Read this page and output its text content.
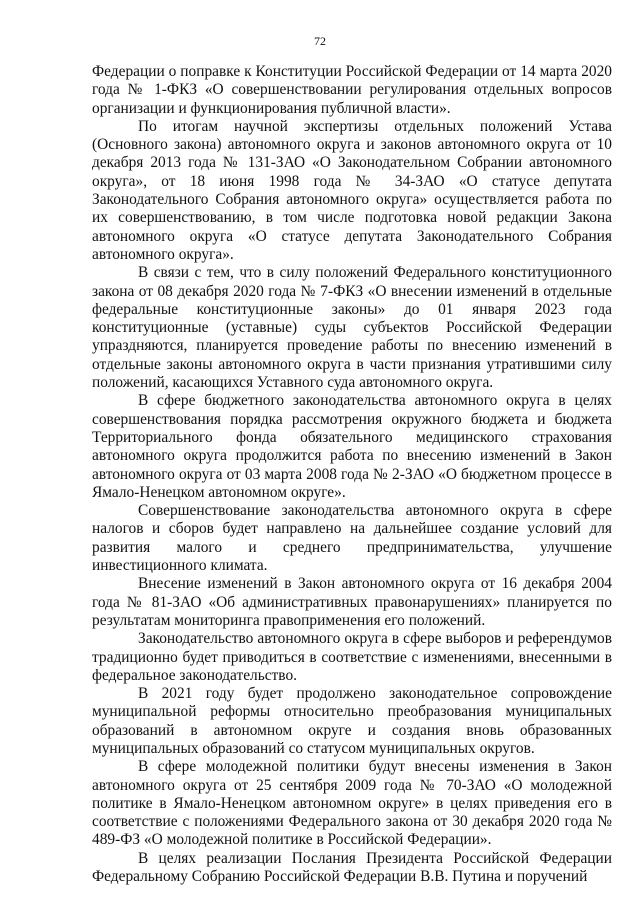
72

Федерации о поправке к Конституции Российской Федерации от 14 марта 2020 года № 1-ФКЗ «О совершенствовании регулирования отдельных вопросов организации и функционирования публичной власти».

По итогам научной экспертизы отдельных положений Устава (Основного закона) автономного округа и законов автономного округа от 10 декабря 2013 года № 131-ЗАО «О Законодательном Собрании автономного округа», от 18 июня 1998 года № 34-ЗАО «О статусе депутата Законодательного Собрания автономного округа» осуществляется работа по их совершенствованию, в том числе подготовка новой редакции Закона автономного округа «О статусе депутата Законодательного Собрания автономного округа».

В связи с тем, что в силу положений Федерального конституционного закона от 08 декабря 2020 года № 7-ФКЗ «О внесении изменений в отдельные федеральные конституционные законы» до 01 января 2023 года конституционные (уставные) суды субъектов Российской Федерации упраздняются, планируется проведение работы по внесению изменений в отдельные законы автономного округа в части признания утратившими силу положений, касающихся Уставного суда автономного округа.

В сфере бюджетного законодательства автономного округа в целях совершенствования порядка рассмотрения окружного бюджета и бюджета Территориального фонда обязательного медицинского страхования автономного округа продолжится работа по внесению изменений в Закон автономного округа от 03 марта 2008 года № 2-ЗАО «О бюджетном процессе в Ямало-Ненецком автономном округе».

Совершенствование законодательства автономного округа в сфере налогов и сборов будет направлено на дальнейшее создание условий для развития малого и среднего предпринимательства, улучшение инвестиционного климата.

Внесение изменений в Закон автономного округа от 16 декабря 2004 года № 81-ЗАО «Об административных правонарушениях» планируется по результатам мониторинга правоприменения его положений.

Законодательство автономного округа в сфере выборов и референдумов традиционно будет приводиться в соответствие с изменениями, внесенными в федеральное законодательство.

В 2021 году будет продолжено законодательное сопровождение муниципальной реформы относительно преобразования муниципальных образований в автономном округе и создания вновь образованных муниципальных образований со статусом муниципальных округов.

В сфере молодежной политики будут внесены изменения в Закон автономного округа от 25 сентября 2009 года № 70-ЗАО «О молодежной политике в Ямало-Ненецком автономном округе» в целях приведения его в соответствие с положениями Федерального закона от 30 декабря 2020 года № 489-ФЗ «О молодежной политике в Российской Федерации».

В целях реализации Послания Президента Российской Федерации Федеральному Собранию Российской Федерации В.В. Путина и поручений
